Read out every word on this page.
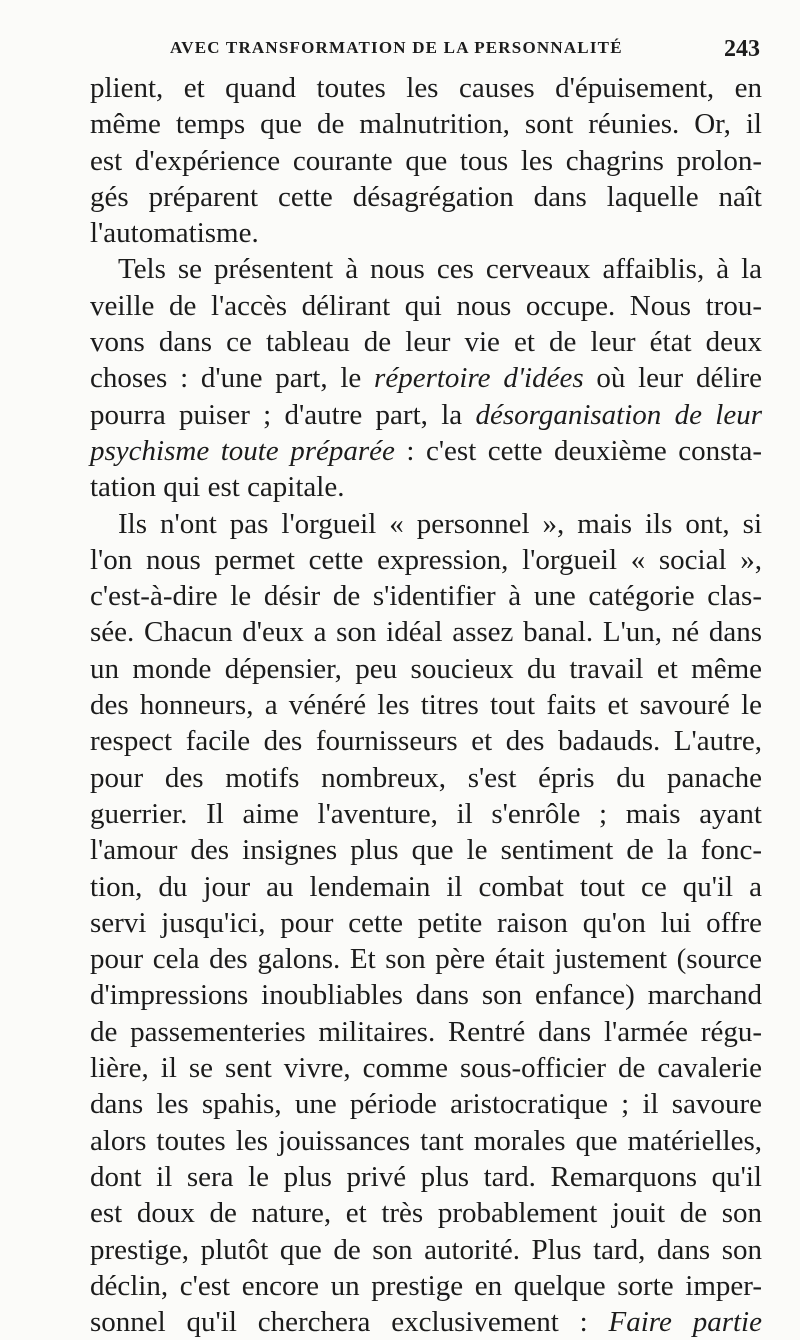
AVEC TRANSFORMATION DE LA PERSONNALITÉ	243

plient, et quand toutes les causes d'épuisement, en
même temps que de malnutrition, sont réunies. Or, il
est d'expérience courante que tous les chagrins prolon-
gés préparent cette désagrégation dans laquelle naît
l'automatisme.

Tels se présentent à nous ces cerveaux affaiblis, à la
veille de l'accès délirant qui nous occupe. Nous trou-
vons dans ce tableau de leur vie et de leur état deux
choses : d'une part, le répertoire d'idées où leur délire
pourra puiser ; d'autre part, la désorganisation de leur
psychisme toute préparée : c'est cette deuxième consta-
tation qui est capitale.

Ils n'ont pas l'orgueil « personnel », mais ils ont, si
l'on nous permet cette expression, l'orgueil « social »,
c'est-à-dire le désir de s'identifier à une catégorie clas-
sée. Chacun d'eux a son idéal assez banal. L'un, né dans
un monde dépensier, peu soucieux du travail et même
des honneurs, a vénéré les titres tout faits et savouré le
respect facile des fournisseurs et des badauds. L'autre,
pour des motifs nombreux, s'est épris du panache
guerrier. Il aime l'aventure, il s'enrôle ; mais ayant
l'amour des insignes plus que le sentiment de la fonc-
tion, du jour au lendemain il combat tout ce qu'il a
servi jusqu'ici, pour cette petite raison qu'on lui offre
pour cela des galons. Et son père était justement (source
d'impressions inoubliables dans son enfance) marchand
de passementeries militaires. Rentré dans l'armée régu-
lière, il se sent vivre, comme sous-officier de cavalerie
dans les spahis, une période aristocratique ; il savoure
alors toutes les jouissances tant morales que matérielles,
dont il sera le plus privé plus tard. Remarquons qu'il
est doux de nature, et très probablement jouit de son
prestige, plutôt que de son autorité. Plus tard, dans son
déclin, c'est encore un prestige en quelque sorte imper-
sonnel qu'il cherchera exclusivement : Faire partie
